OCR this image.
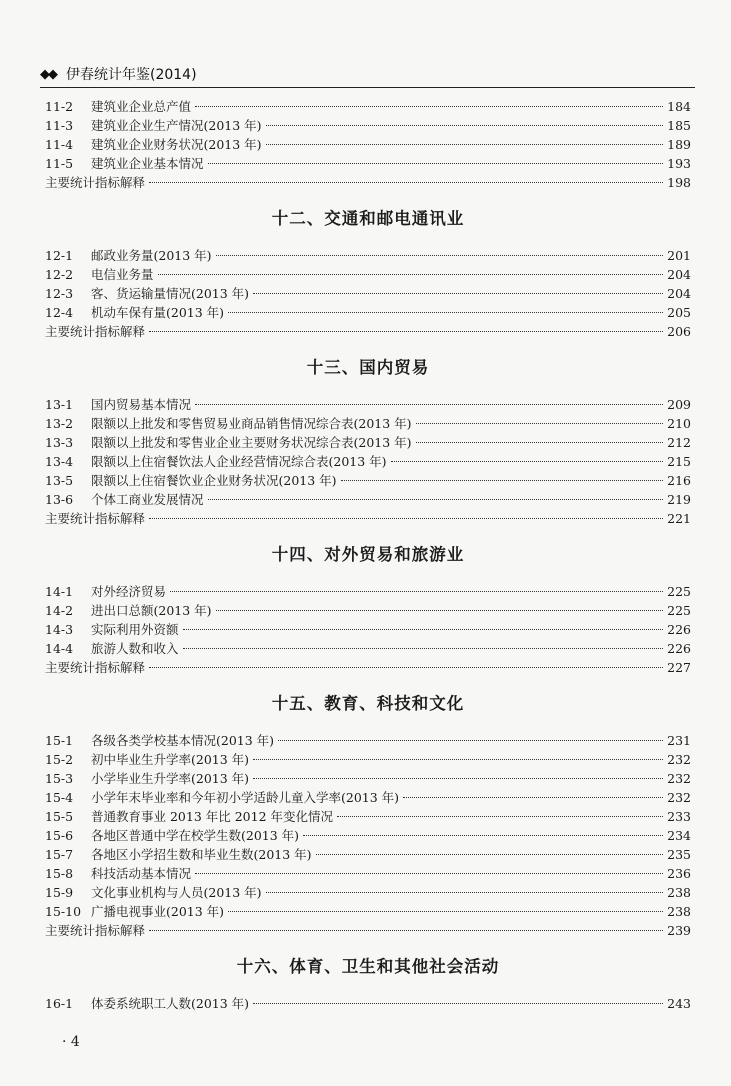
◆◆ 伊春统计年鉴(2014)
11-2	建筑业企业总产值	184
11-3	建筑业企业生产情况(2013 年)	185
11-4	建筑业企业财务状况(2013 年)	189
11-5	建筑业企业基本情况	193
主要统计指标解释	198
十二、交通和邮电通讯业
12-1	邮政业务量(2013 年)	201
12-2	电信业务量	204
12-3	客、货运输量情况(2013 年)	204
12-4	机动车保有量(2013 年)	205
主要统计指标解释	206
十三、国内贸易
13-1	国内贸易基本情况	209
13-2	限额以上批发和零售贸易业商品销售情况综合表(2013 年)	210
13-3	限额以上批发和零售业企业主要财务状况综合表(2013 年)	212
13-4	限额以上住宿餐饮法人企业经营情况综合表(2013 年)	215
13-5	限额以上住宿餐饮业企业财务状况(2013 年)	216
13-6	个体工商业发展情况	219
主要统计指标解释	221
十四、对外贸易和旅游业
14-1	对外经济贸易	225
14-2	进出口总额(2013 年)	225
14-3	实际利用外资额	226
14-4	旅游人数和收入	226
主要统计指标解释	227
十五、教育、科技和文化
15-1	各级各类学校基本情况(2013 年)	231
15-2	初中毕业生升学率(2013 年)	232
15-3	小学毕业生升学率(2013 年)	232
15-4	小学年末毕业率和今年初小学适龄儿童入学率(2013 年)	232
15-5	普通教育事业 2013 年比 2012 年变化情况	233
15-6	各地区普通中学在校学生数(2013 年)	234
15-7	各地区小学招生数和毕业生数(2013 年)	235
15-8	科技活动基本情况	236
15-9	文化事业机构与人员(2013 年)	238
15-10 广播电视事业(2013 年)	238
主要统计指标解释	239
十六、体育、卫生和其他社会活动
16-1	体委系统职工人数(2013 年)	243
· 4
